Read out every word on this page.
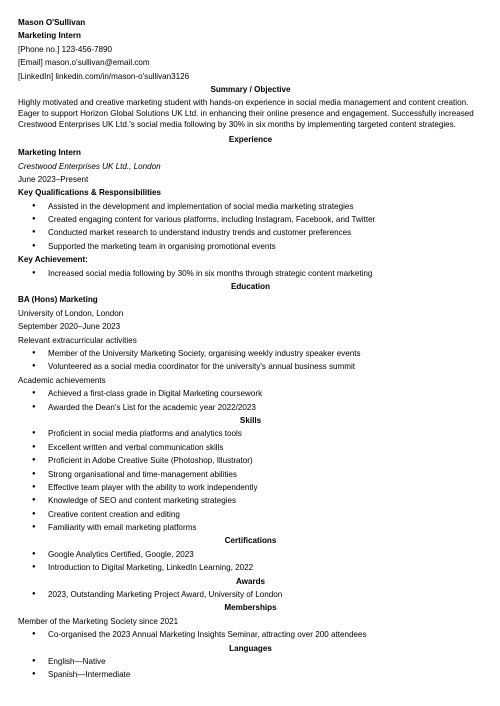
Mason O'Sullivan
Marketing Intern
[Phone no.] 123-456-7890
[Email] mason.o'sullivan@email.com
[LinkedIn] linkedin.com/in/mason-o'sullivan3126
Summary / Objective
Highly motivated and creative marketing student with hands-on experience in social media management and content creation. Eager to support Horizon Global Solutions UK Ltd. in enhancing their online presence and engagement. Successfully increased Crestwood Enterprises UK Ltd.'s social media following by 30% in six months by implementing targeted content strategies.
Experience
Marketing Intern
Crestwood Enterprises UK Ltd., London
June 2023–Present
Key Qualifications & Responsibilities
● Assisted in the development and implementation of social media marketing strategies
● Created engaging content for various platforms, including Instagram, Facebook, and Twitter
● Conducted market research to understand industry trends and customer preferences
● Supported the marketing team in organising promotional events
Key Achievement:
● Increased social media following by 30% in six months through strategic content marketing
Education
BA (Hons) Marketing
University of London, London
September 2020–June 2023
Relevant extracurricular activities
● Member of the University Marketing Society, organising weekly industry speaker events
● Volunteered as a social media coordinator for the university's annual business summit
Academic achievements
● Achieved a first-class grade in Digital Marketing coursework
● Awarded the Dean's List for the academic year 2022/2023
Skills
● Proficient in social media platforms and analytics tools
● Excellent written and verbal communication skills
● Proficient in Adobe Creative Suite (Photoshop, Illustrator)
● Strong organisational and time-management abilities
● Effective team player with the ability to work independently
● Knowledge of SEO and content marketing strategies
● Creative content creation and editing
● Familiarity with email marketing platforms
Certifications
● Google Analytics Certified, Google, 2023
● Introduction to Digital Marketing, LinkedIn Learning, 2022
Awards
● 2023, Outstanding Marketing Project Award, University of London
Memberships
Member of the Marketing Society since 2021
● Co-organised the 2023 Annual Marketing Insights Seminar, attracting over 200 attendees
Languages
● English—Native
● Spanish—Intermediate
